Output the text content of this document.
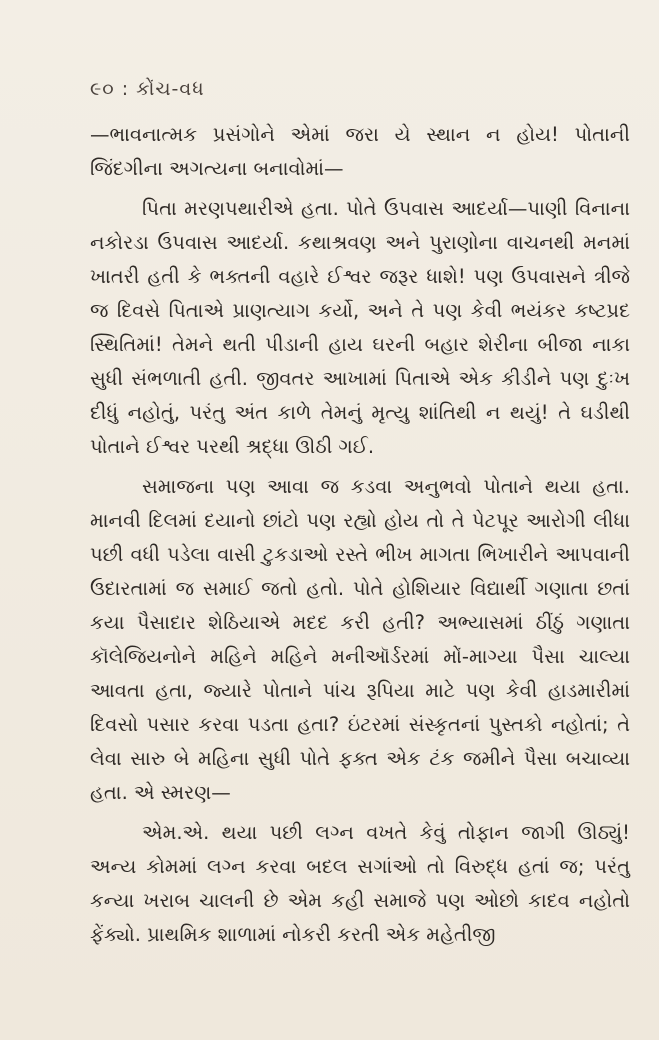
૯૦ : કોંચ-વધ

—ભાવનાત્મક પ્રસંગોને એમાં જરા યે સ્થાન ન હોય! પોતાની જિંદગીના અગત્યના બનાવોમાં—

પિતા મરણપથારીએ હતા. પોતે ઉપવાસ આદર્યા—પાણી વિનાના નકોરડા ઉપવાસ આદર્યા. કથાશ્રવણ અને પુરાણોના વાચનથી મનમાં ખાતરી હતી કે ભક્તની વહારે ઈશ્વર જરૂર ધાશે! પણ ઉપવાસને ત્રીજે જ દિવસે પિતાએ પ્રાણત્યાગ કર્યો, અને તે પણ કેવી ભયંકર કષ્ટપ્રદ સ્થિતિમાં! તેમને થતી પીડાની હાય ઘરની બહાર શેરીના બીજા નાકા સુધી સંભળાતી હતી. જીવતર આખામાં પિતાએ એક કીડીને પણ દુઃખ દીધું નહોતું, પરંતુ અંત કાળે તેમનું મૃત્યુ શાંતિથી ન થયું! તે ઘડીથી પોતાને ઈશ્વર પરથી શ્રદ્ધા ઊઠી ગઈ.

સમાજના પણ આવા જ કડવા અનુભવો પોતાને થયા હતા. માનવી દિલમાં દયાનો છાંટો પણ રહ્યો હોય તો તે પેટપૂર આરોગી લીધા પછી વધી પડેલા વાસી ટુકડાઓ રસ્તે ભીખ માગતા ભિખારીને આપવાની ઉદારતામાં જ સમાઈ જતો હતો. પોતે હોશિયાર વિદ્યાર્થી ગણાતા છતાં કયા પૈસાદાર શેઠિયાએ મદદ કરી હતી? અભ્યાસમાં ઠીંઠું ગણાતા કૉલેજિયનોને મહિને મહિને મનીઑર્ડરમાં મોં-માગ્યા પૈસા ચાલ્યા આવતા હતા, જ્યારે પોતાને પાંચ રૂપિયા માટે પણ કેવી હાડમારીમાં દિવસો પસાર કરવા પડતા હતા? ઇંટરમાં સંસ્કૃતનાં પુસ્તકો નહોતાં; તે લેવા સારુ બે મહિના સુધી પોતે ફક્ત એક ટંક જમીને પૈસા બચાવ્યા હતા. એ સ્મરણ—

એમ.એ. થયા પછી લગ્ન વખતે કેવું તોફાન જાગી ઊઠ્યું! અન્ય કોમમાં લગ્ન કરવા બદલ સગાંઓ તો વિરુદ્ધ હતાં જ; પરંતુ કન્યા ખરાબ ચાલની છે એમ કહી સમાજે પણ ઓછો કાદવ નહોતો ફેંક્યો. પ્રાથમિક શાળામાં નોકરી કરતી એક મહેતીજી
